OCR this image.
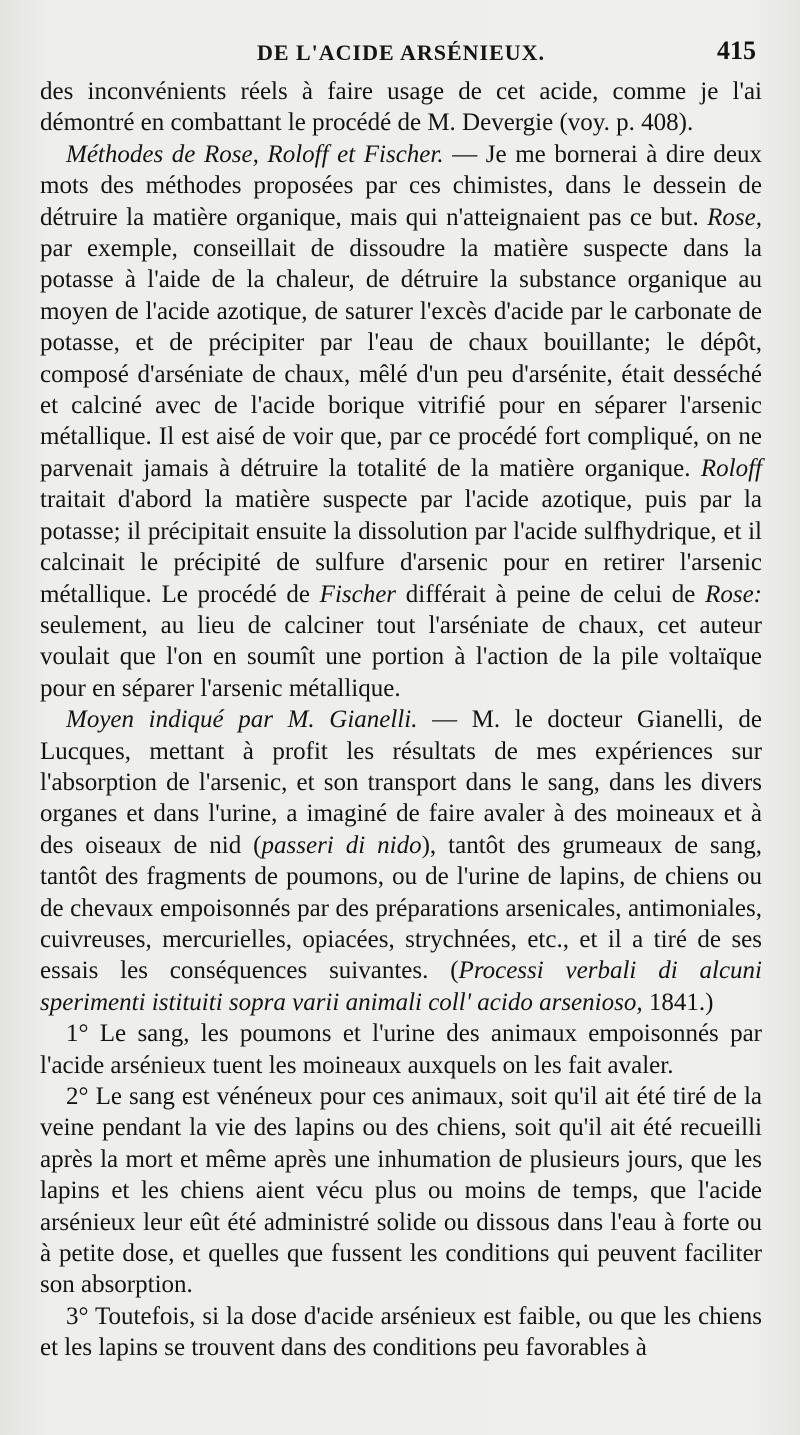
DE L'ACIDE ARSÉNIEUX.	415

des inconvénients réels à faire usage de cet acide, comme je l'ai démontré en combattant le procédé de M. Devergie (voy. p. 408).

Méthodes de Rose, Roloff et Fischer. — Je me bornerai à dire deux mots des méthodes proposées par ces chimistes, dans le dessein de détruire la matière organique, mais qui n'atteignaient pas ce but. Rose, par exemple, conseillait de dissoudre la matière suspecte dans la potasse à l'aide de la chaleur, de détruire la substance organique au moyen de l'acide azotique, de saturer l'excès d'acide par le carbonate de potasse, et de précipiter par l'eau de chaux bouillante; le dépôt, composé d'arséniate de chaux, mêlé d'un peu d'arsénite, était desséché et calciné avec de l'acide borique vitrifié pour en séparer l'arsenic métallique. Il est aisé de voir que, par ce procédé fort compliqué, on ne parvenait jamais à détruire la totalité de la matière organique. Roloff traitait d'abord la matière suspecte par l'acide azotique, puis par la potasse; il précipitait ensuite la dissolution par l'acide sulfhydrique, et il calcinait le précipité de sulfure d'arsenic pour en retirer l'arsenic métallique. Le procédé de Fischer différait à peine de celui de Rose: seulement, au lieu de calciner tout l'arséniate de chaux, cet auteur voulait que l'on en soumît une portion à l'action de la pile voltaïque pour en séparer l'arsenic métallique.

Moyen indiqué par M. Gianelli. — M. le docteur Gianelli, de Lucques, mettant à profit les résultats de mes expériences sur l'absorption de l'arsenic, et son transport dans le sang, dans les divers organes et dans l'urine, a imaginé de faire avaler à des moineaux et à des oiseaux de nid (passeri di nido), tantôt des grumeaux de sang, tantôt des fragments de poumons, ou de l'urine de lapins, de chiens ou de chevaux empoisonnés par des préparations arsenicales, antimoniales, cuivreuses, mercurielles, opiacées, strychnées, etc., et il a tiré de ses essais les conséquences suivantes. (Processi verbali di alcuni sperimenti istituiti sopra varii animali coll' acido arsenioso, 1841.)

1° Le sang, les poumons et l'urine des animaux empoisonnés par l'acide arsénieux tuent les moineaux auxquels on les fait avaler.

2° Le sang est vénéneux pour ces animaux, soit qu'il ait été tiré de la veine pendant la vie des lapins ou des chiens, soit qu'il ait été recueilli après la mort et même après une inhumation de plusieurs jours, que les lapins et les chiens aient vécu plus ou moins de temps, que l'acide arsénieux leur eût été administré solide ou dissous dans l'eau à forte ou à petite dose, et quelles que fussent les conditions qui peuvent faciliter son absorption.

3° Toutefois, si la dose d'acide arsénieux est faible, ou que les chiens et les lapins se trouvent dans des conditions peu favorables à
